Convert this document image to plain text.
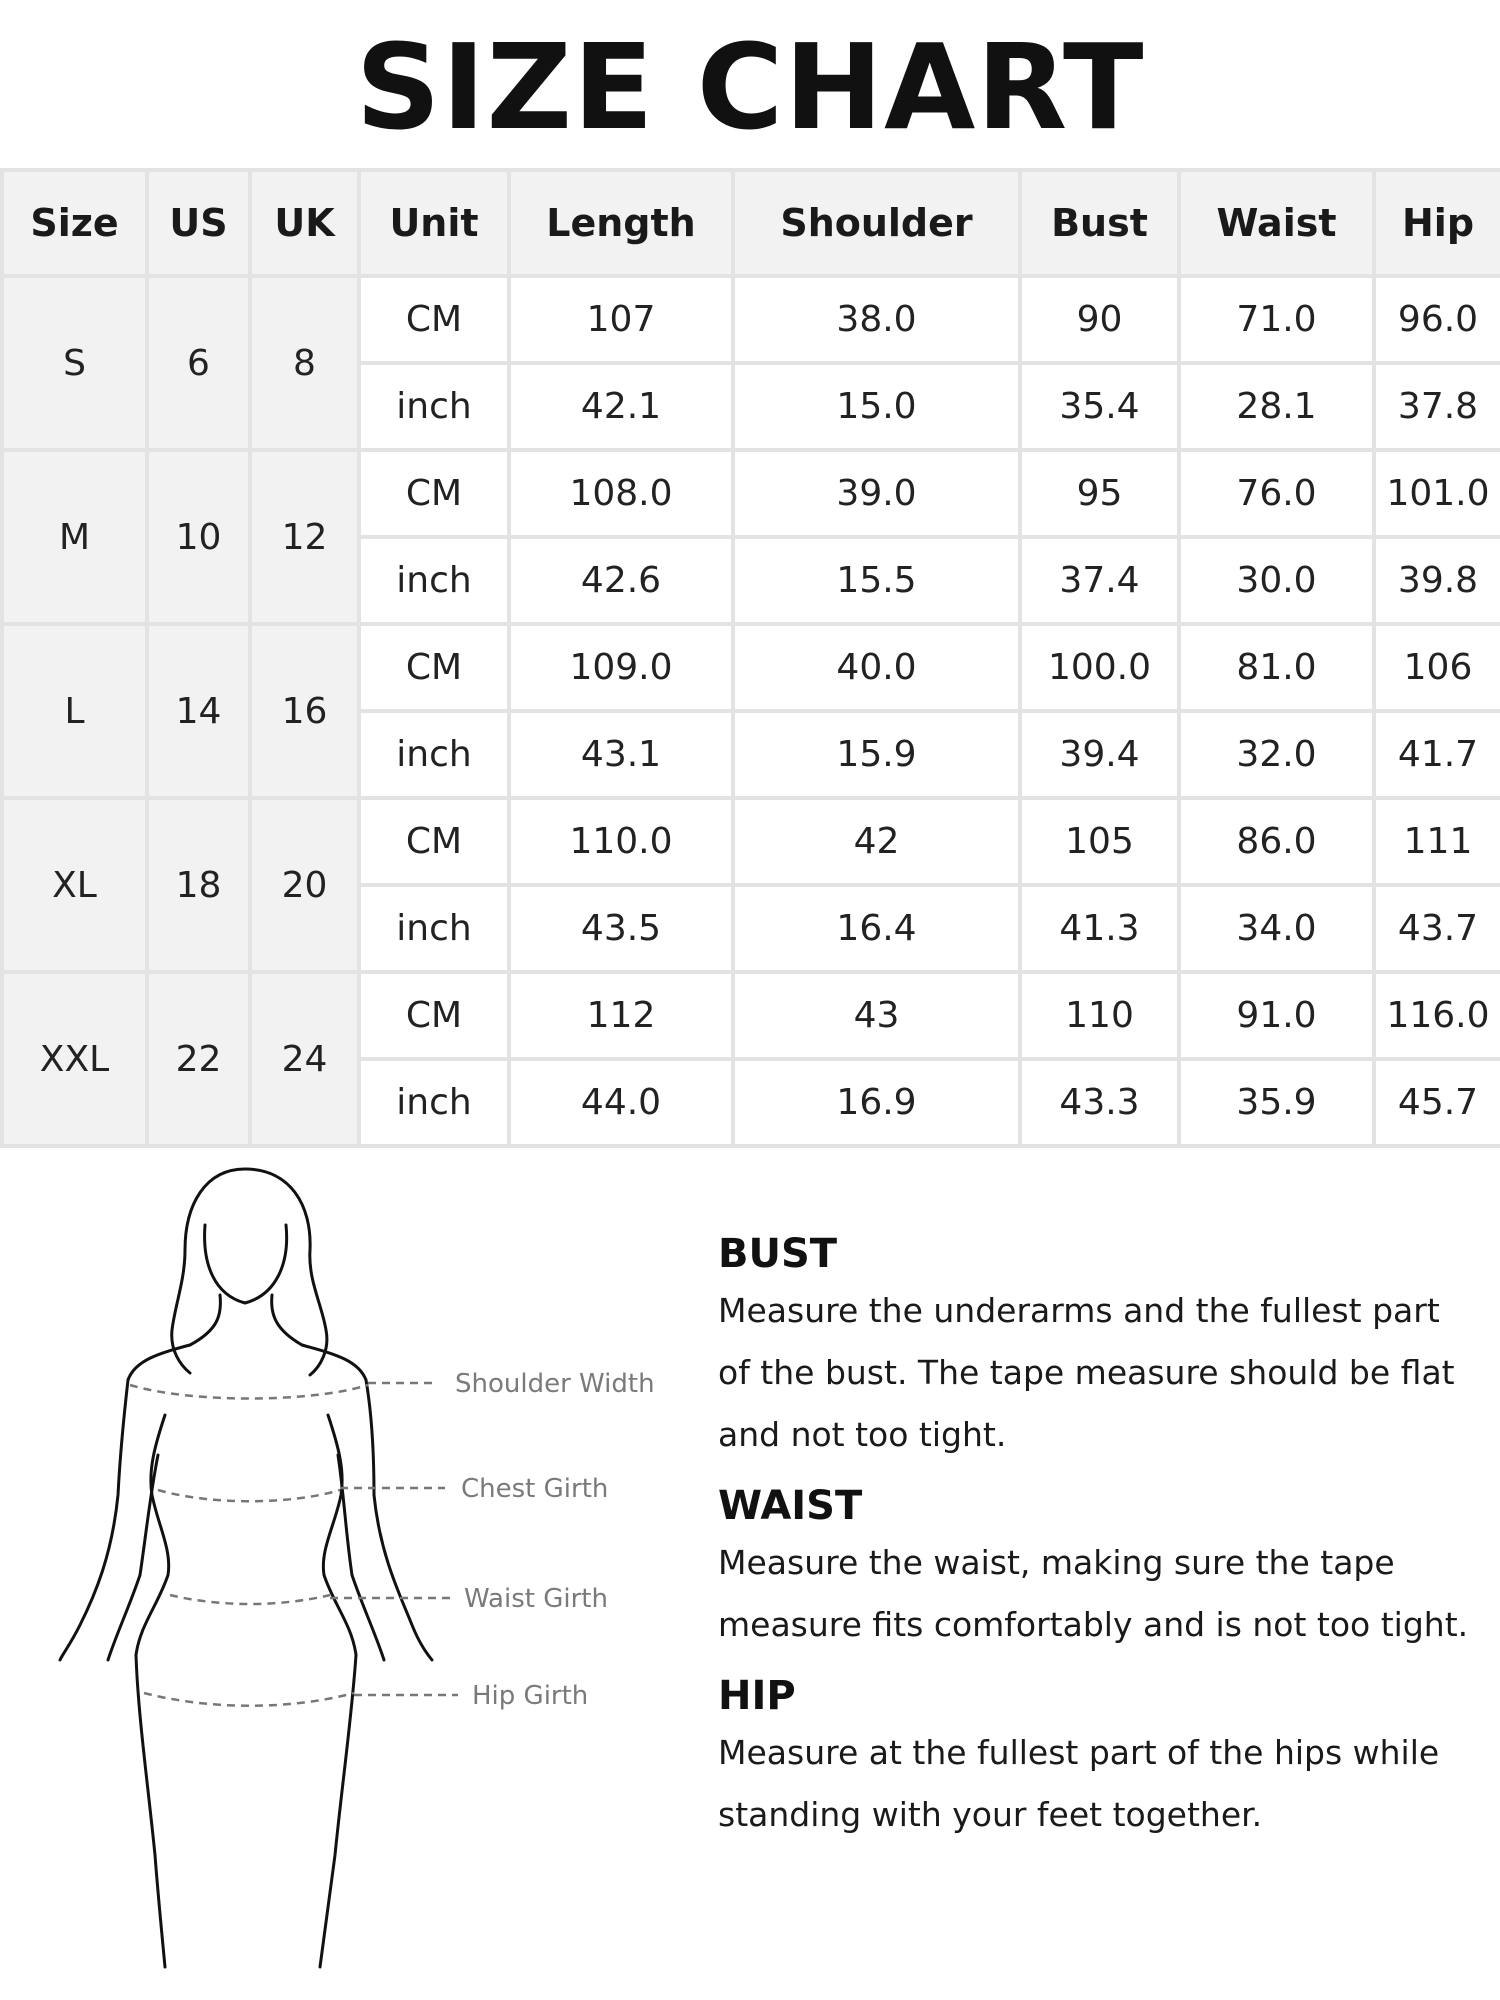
SIZE CHART
Size	US	UK	Unit	Length	Shoulder	Bust	Waist	Hip
S	6	8	CM	107	38.0	90	71.0	96.0
			inch	42.1	15.0	35.4	28.1	37.8
M	10	12	CM	108.0	39.0	95	76.0	101.0
			inch	42.6	15.5	37.4	30.0	39.8
L	14	16	CM	109.0	40.0	100.0	81.0	106
			inch	43.1	15.9	39.4	32.0	41.7
XL	18	20	CM	110.0	42	105	86.0	111
			inch	43.5	16.4	41.3	34.0	43.7
XXL	22	24	CM	112	43	110	91.0	116.0
			inch	44.0	16.9	43.3	35.9	45.7
Shoulder Width
Chest Girth
Waist Girth
Hip Girth
BUST
Measure the underarms and the fullest part of the bust. The tape measure should be flat and not too tight.
WAIST
Measure the waist, making sure the tape measure fits comfortably and is not too tight.
HIP
Measure at the fullest part of the hips while standing with your feet together.
